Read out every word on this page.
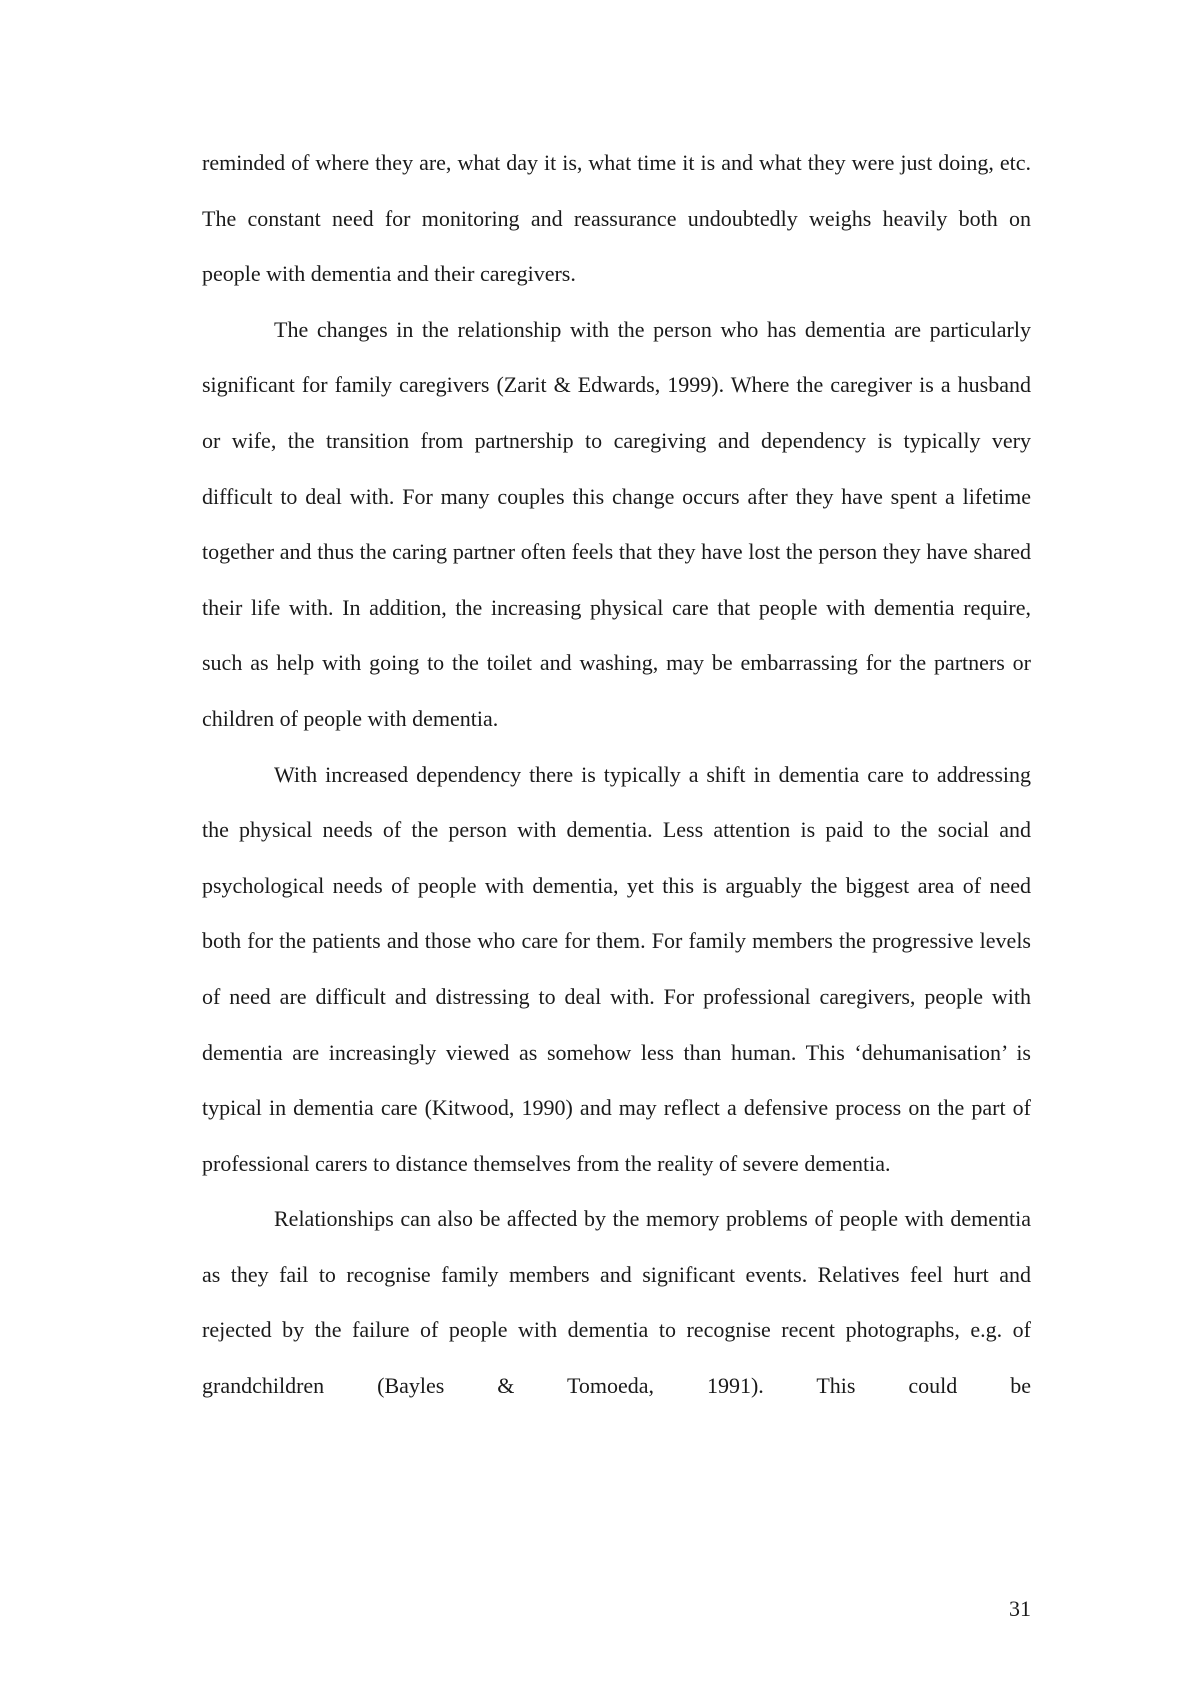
reminded of where they are, what day it is, what time it is and what they were just doing, etc. The constant need for monitoring and reassurance undoubtedly weighs heavily both on people with dementia and their caregivers.

The changes in the relationship with the person who has dementia are particularly significant for family caregivers (Zarit & Edwards, 1999). Where the caregiver is a husband or wife, the transition from partnership to caregiving and dependency is typically very difficult to deal with. For many couples this change occurs after they have spent a lifetime together and thus the caring partner often feels that they have lost the person they have shared their life with. In addition, the increasing physical care that people with dementia require, such as help with going to the toilet and washing, may be embarrassing for the partners or children of people with dementia.

With increased dependency there is typically a shift in dementia care to addressing the physical needs of the person with dementia. Less attention is paid to the social and psychological needs of people with dementia, yet this is arguably the biggest area of need both for the patients and those who care for them. For family members the progressive levels of need are difficult and distressing to deal with. For professional caregivers, people with dementia are increasingly viewed as somehow less than human. This ‘dehumanisation’ is typical in dementia care (Kitwood, 1990) and may reflect a defensive process on the part of professional carers to distance themselves from the reality of severe dementia.

Relationships can also be affected by the memory problems of people with dementia as they fail to recognise family members and significant events. Relatives feel hurt and rejected by the failure of people with dementia to recognise recent photographs, e.g. of grandchildren (Bayles & Tomoeda, 1991). This could be

31
